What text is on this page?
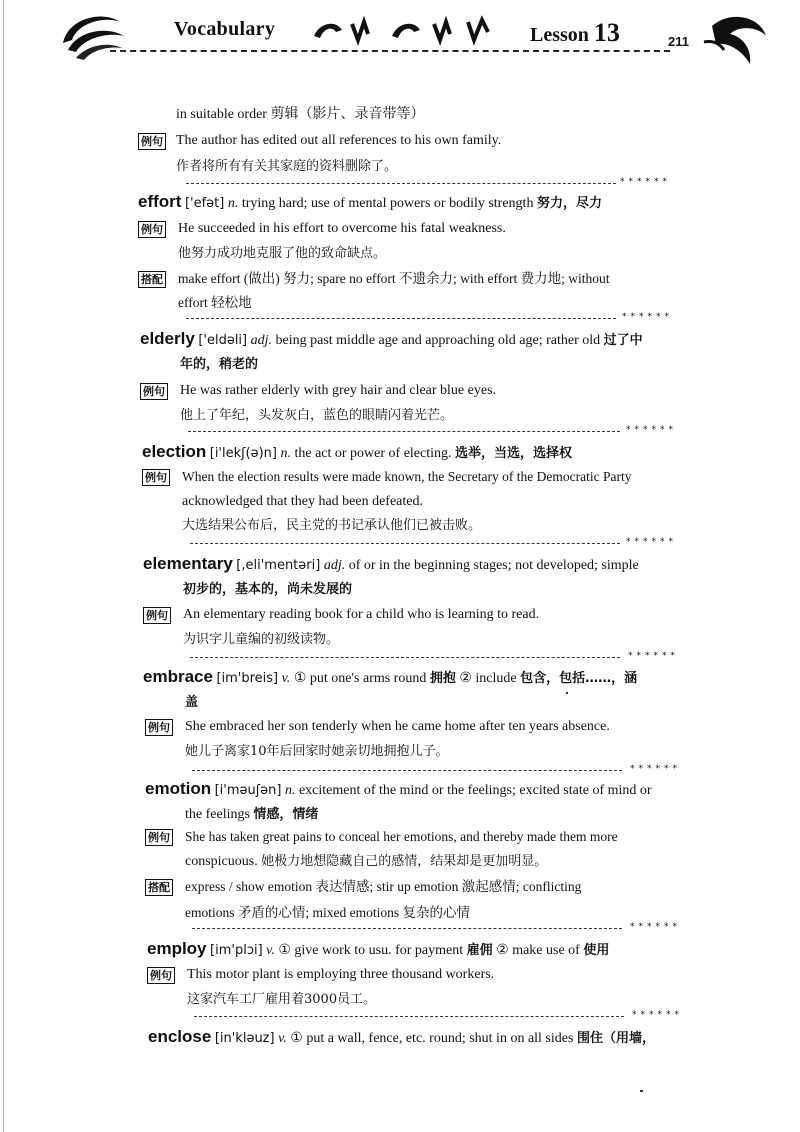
Vocabulary	Lesson 13	211
in suitable order 剪辑（影片、录音带等）
例句 The author has edited out all references to his own family.
作者将所有有关其家庭的资料删除了。
******
effort ['efət] n. trying hard; use of mental powers or bodily strength 努力，尽力
例句 He succeeded in his effort to overcome his fatal weakness.
他努力成功地克服了他的致命缺点。
搭配 make effort (做出) 努力; spare no effort 不遗余力; with effort 费力地; without
effort 轻松地
******
elderly ['eldəli] adj. being past middle age and approaching old age; rather old 过了中
年的，稍老的
例句 He was rather elderly with grey hair and clear blue eyes.
他上了年纪，头发灰白，蓝色的眼睛闪着光芒。
******
election [i'lekʃ(ə)n] n. the act or power of electing. 选举，当选，选择权
例句 When the election results were made known, the Secretary of the Democratic Party
acknowledged that they had been defeated.
大选结果公布后，民主党的书记承认他们已被击败。
******
elementary [,eli'mentəri] adj. of or in the beginning stages; not developed; simple
初步的，基本的，尚未发展的
例句 An elementary reading book for a child who is learning to read.
为识字儿童编的初级读物。
******
embrace [im'breis] v. ① put one's arms round 拥抱 ② include 包含，包括……，涵
盖
例句 She embraced her son tenderly when he came home after ten years absence.
她儿子离家10年后回家时她亲切地拥抱儿子。
******
emotion [i'məuʃən] n. excitement of the mind or the feelings; excited state of mind or
the feelings 情感，情绪
例句 She has taken great pains to conceal her emotions, and thereby made them more
conspicuous. 她极力地想隐藏自己的感情，结果却是更加明显。
搭配 express / show emotion 表达情感; stir up emotion 激起感情; conflicting
emotions 矛盾的心情; mixed emotions 复杂的心情
******
employ [im'plɔi] v. ① give work to usu. for payment 雇佣 ② make use of 使用
例句 This motor plant is employing three thousand workers.
这家汽车工厂雇用着3000员工。
******
enclose [in'kləuz] v. ① put a wall, fence, etc. round; shut in on all sides 围住（用墙，
